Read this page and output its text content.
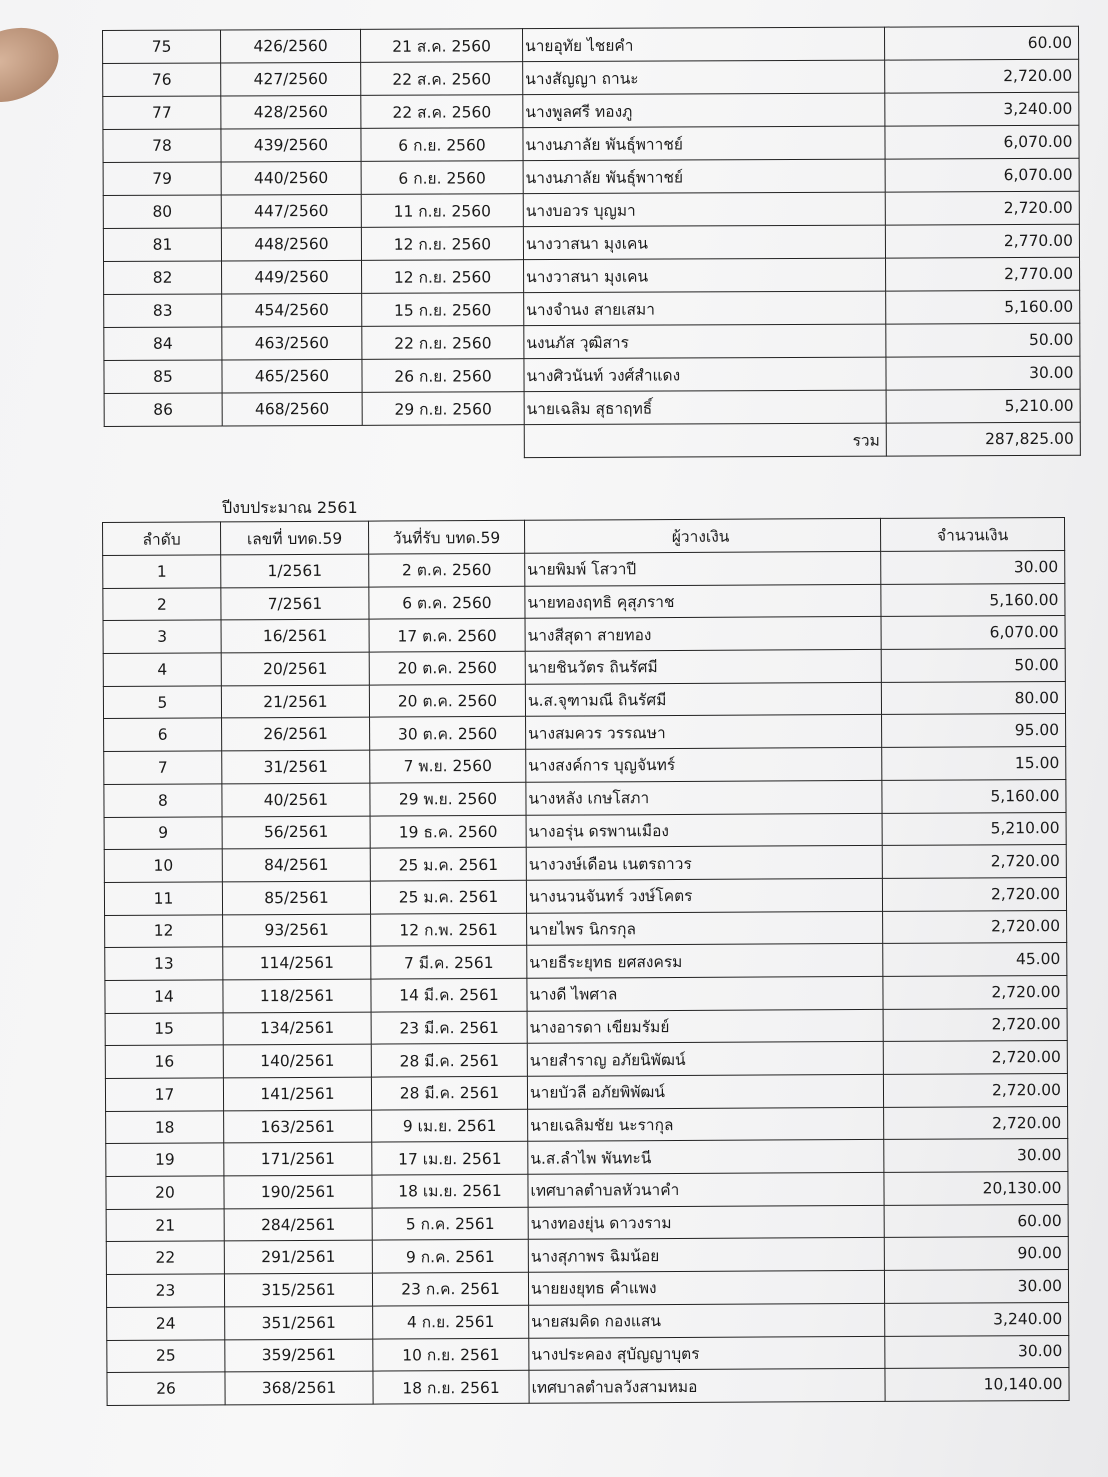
75	426/2560	21 ส.ค. 2560	นายอุทัย ไชยคำ	60.00
76	427/2560	22 ส.ค. 2560	นางสัญญา ถานะ	2,720.00
77	428/2560	22 ส.ค. 2560	นางพูลศรี ทองภู	3,240.00
78	439/2560	6 ก.ย. 2560	นางนภาลัย พันธุ์พาาชย์	6,070.00
79	440/2560	6 ก.ย. 2560	นางนภาลัย พันธุ์พาาชย์	6,070.00
80	447/2560	11 ก.ย. 2560	นางบอวร บุญมา	2,720.00
81	448/2560	12 ก.ย. 2560	นางวาสนา มุงเคน	2,770.00
82	449/2560	12 ก.ย. 2560	นางวาสนา มุงเคน	2,770.00
83	454/2560	15 ก.ย. 2560	นางจำนง สายเสมา	5,160.00
84	463/2560	22 ก.ย. 2560	นงนภัส วุฒิสาร	50.00
85	465/2560	26 ก.ย. 2560	นางศิวนันท์ วงศ์สำแดง	30.00
86	468/2560	29 ก.ย. 2560	นายเฉลิม สุธาฤทธิ์	5,210.00
			รวม	287,825.00
ปีงบประมาณ 2561
ลำดับ	เลขที่ บทด.59	วันที่รับ บทด.59	ผู้วางเงิน	จำนวนเงิน
1	1/2561	2 ต.ค. 2560	นายพิมพ์ โสวาปี	30.00
2	7/2561	6 ต.ค. 2560	นายทองฤทธิ คุสุภราช	5,160.00
3	16/2561	17 ต.ค. 2560	นางสีสุดา สายทอง	6,070.00
4	20/2561	20 ต.ค. 2560	นายชินวัตร ถินรัศมี	50.00
5	21/2561	20 ต.ค. 2560	น.ส.จุฑามณี ถินรัศมี	80.00
6	26/2561	30 ต.ค. 2560	นางสมควร วรรณษา	95.00
7	31/2561	7 พ.ย. 2560	นางสงค์การ บุญจันทร์	15.00
8	40/2561	29 พ.ย. 2560	นางหลัง เกษโสภา	5,160.00
9	56/2561	19 ธ.ค. 2560	นางอรุ่น ดรพานเมือง	5,210.00
10	84/2561	25 ม.ค. 2561	นางวงษ์เดือน เนตรถาวร	2,720.00
11	85/2561	25 ม.ค. 2561	นางนวนจันทร์ วงษ์โคตร	2,720.00
12	93/2561	12 ก.พ. 2561	นายไพร นิกรกุล	2,720.00
13	114/2561	7 มี.ค. 2561	นายธีระยุทธ ยศสงครม	45.00
14	118/2561	14 มี.ค. 2561	นางดี ไพศาล	2,720.00
15	134/2561	23 มี.ค. 2561	นางอารดา เขียมรัมย์	2,720.00
16	140/2561	28 มี.ค. 2561	นายสำราญ อภัยนิพัฒน์	2,720.00
17	141/2561	28 มี.ค. 2561	นายบัวลี อภัยพิพัฒน์	2,720.00
18	163/2561	9 เม.ย. 2561	นายเฉลิมชัย นะรากุล	2,720.00
19	171/2561	17 เม.ย. 2561	น.ส.ลำไพ พันทะนี	30.00
20	190/2561	18 เม.ย. 2561	เทศบาลตำบลหัวนาคำ	20,130.00
21	284/2561	5 ก.ค. 2561	นางทองยุ่น ดาวงราม	60.00
22	291/2561	9 ก.ค. 2561	นางสุภาพร ฉิมน้อย	90.00
23	315/2561	23 ก.ค. 2561	นายยงยุทธ คำแพง	30.00
24	351/2561	4 ก.ย. 2561	นายสมคิด กองแสน	3,240.00
25	359/2561	10 ก.ย. 2561	นางประคอง สุบัญญาบุตร	30.00
26	368/2561	18 ก.ย. 2561	เทศบาลตำบลวังสามหมอ	10,140.00
